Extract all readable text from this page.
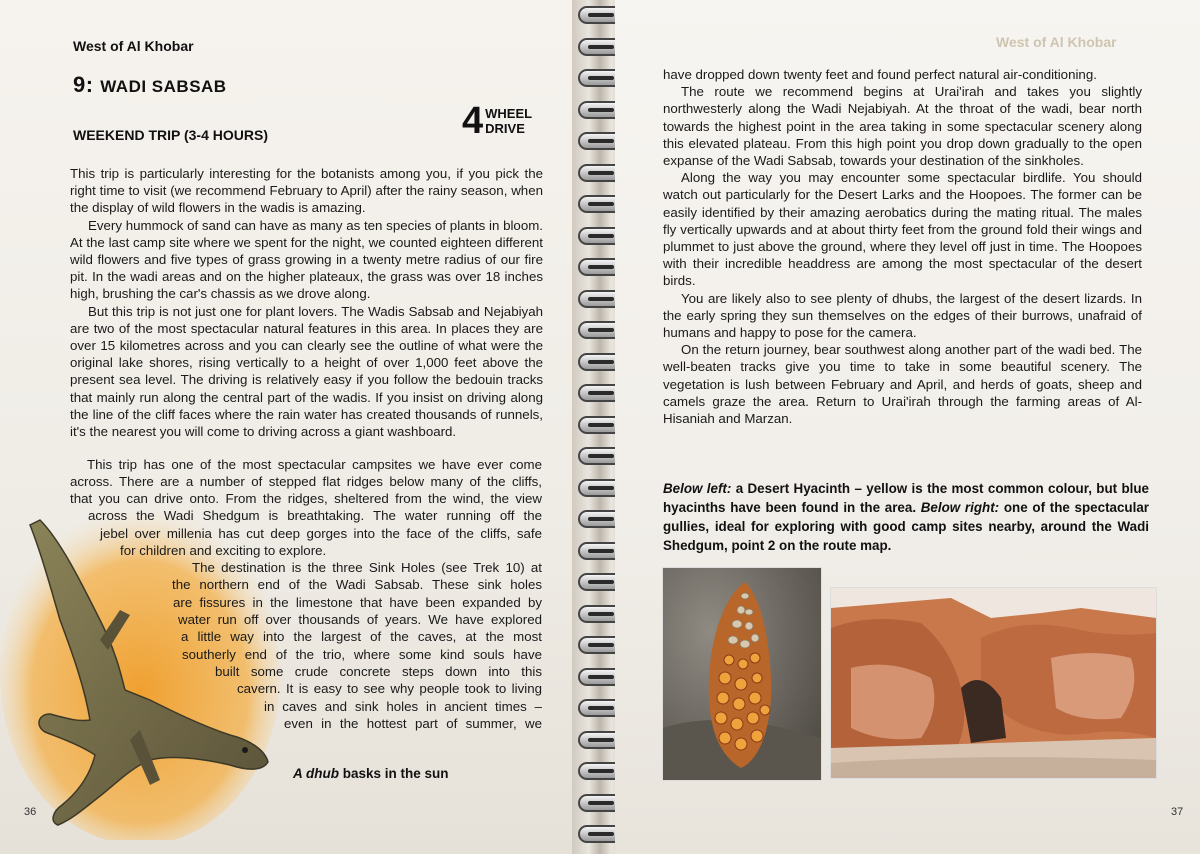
West of Al Khobar
9: WADI SABSAB
WEEKEND TRIP (3-4 HOURS)	4 WHEEL
DRIVE

This trip is particularly interesting for the botanists among you, if you pick the right time to visit (we recommend February to April) after the rainy season, when the display of wild flowers in the wadis is amazing.

Every hummock of sand can have as many as ten species of plants in bloom. At the last camp site where we spent for the night, we counted eighteen different wild flowers and five types of grass growing in a twenty metre radius of our fire pit. In the wadi areas and on the higher plateaux, the grass was over 18 inches high, brushing the car's chassis as we drove along.

But this trip is not just one for plant lovers. The Wadis Sabsab and Nejabiyah are two of the most spectacular natural features in this area. In places they are over 15 kilometres across and you can clearly see the outline of what were the original lake shores, rising vertically to a height of over 1,000 feet above the present sea level. The driving is relatively easy if you follow the bedouin tracks that mainly run along the central part of the wadis. If you insist on driving along the line of the cliff faces where the rain water has created thousands of runnels, it's the nearest you will come to driving across a giant washboard.

This trip has one of the most spectacular campsites we have ever come
across. There are a number of stepped flat ridges below many of the cliffs,
that you can drive onto. From the ridges, sheltered from the wind, the view
across the Wadi Shedgum is breathtaking. The water running off the
jebel over millenia has cut deep gorges into the face of the cliffs, safe
for children and exciting to explore.
The destination is the three Sink Holes (see Trek 10) at
the northern end of the Wadi Sabsab. These sink holes
are fissures in the limestone that have been expanded by
water run off over thousands of years. We have explored
a little way into the largest of the caves, at the most
southerly end of the trio, where some kind souls have
built some crude concrete steps down into this
cavern. It is easy to see why people took to living
in caves and sink holes in ancient times –
even in the hottest part of summer, we
A dhub basks in the sun
36
West of Al Khobar

have dropped down twenty feet and found perfect natural air-conditioning.

The route we recommend begins at Urai'irah and takes you slightly northwesterly along the Wadi Nejabiyah. At the throat of the wadi, bear north towards the highest point in the area taking in some spectacular scenery along this elevated plateau. From this high point you drop down gradually to the open expanse of the Wadi Sabsab, towards your destination of the sinkholes.

Along the way you may encounter some spectacular birdlife. You should watch out particularly for the Desert Larks and the Hoopoes. The former can be easily identified by their amazing aerobatics during the mating ritual. The males fly vertically upwards and at about thirty feet from the ground fold their wings and plummet to just above the ground, where they level off just in time. The Hoopoes with their incredible headdress are among the most spectacular of the desert birds.

You are likely also to see plenty of dhubs, the largest of the desert lizards. In the early spring they sun themselves on the edges of their burrows, unafraid of humans and happy to pose for the camera.

On the return journey, bear southwest along another part of the wadi bed. The well-beaten tracks give you time to take in some beautiful scenery. The vegetation is lush between February and April, and herds of goats, sheep and camels graze the area. Return to Urai'irah through the farming areas of Al-Hisaniah and Marzan.

Below left: a Desert Hyacinth – yellow is the most common colour, but blue hyacinths have been found in the area. Below right: one of the spectacular gullies, ideal for exploring with good camp sites nearby, around the Wadi Shedgum, point 2 on the route map.
37
